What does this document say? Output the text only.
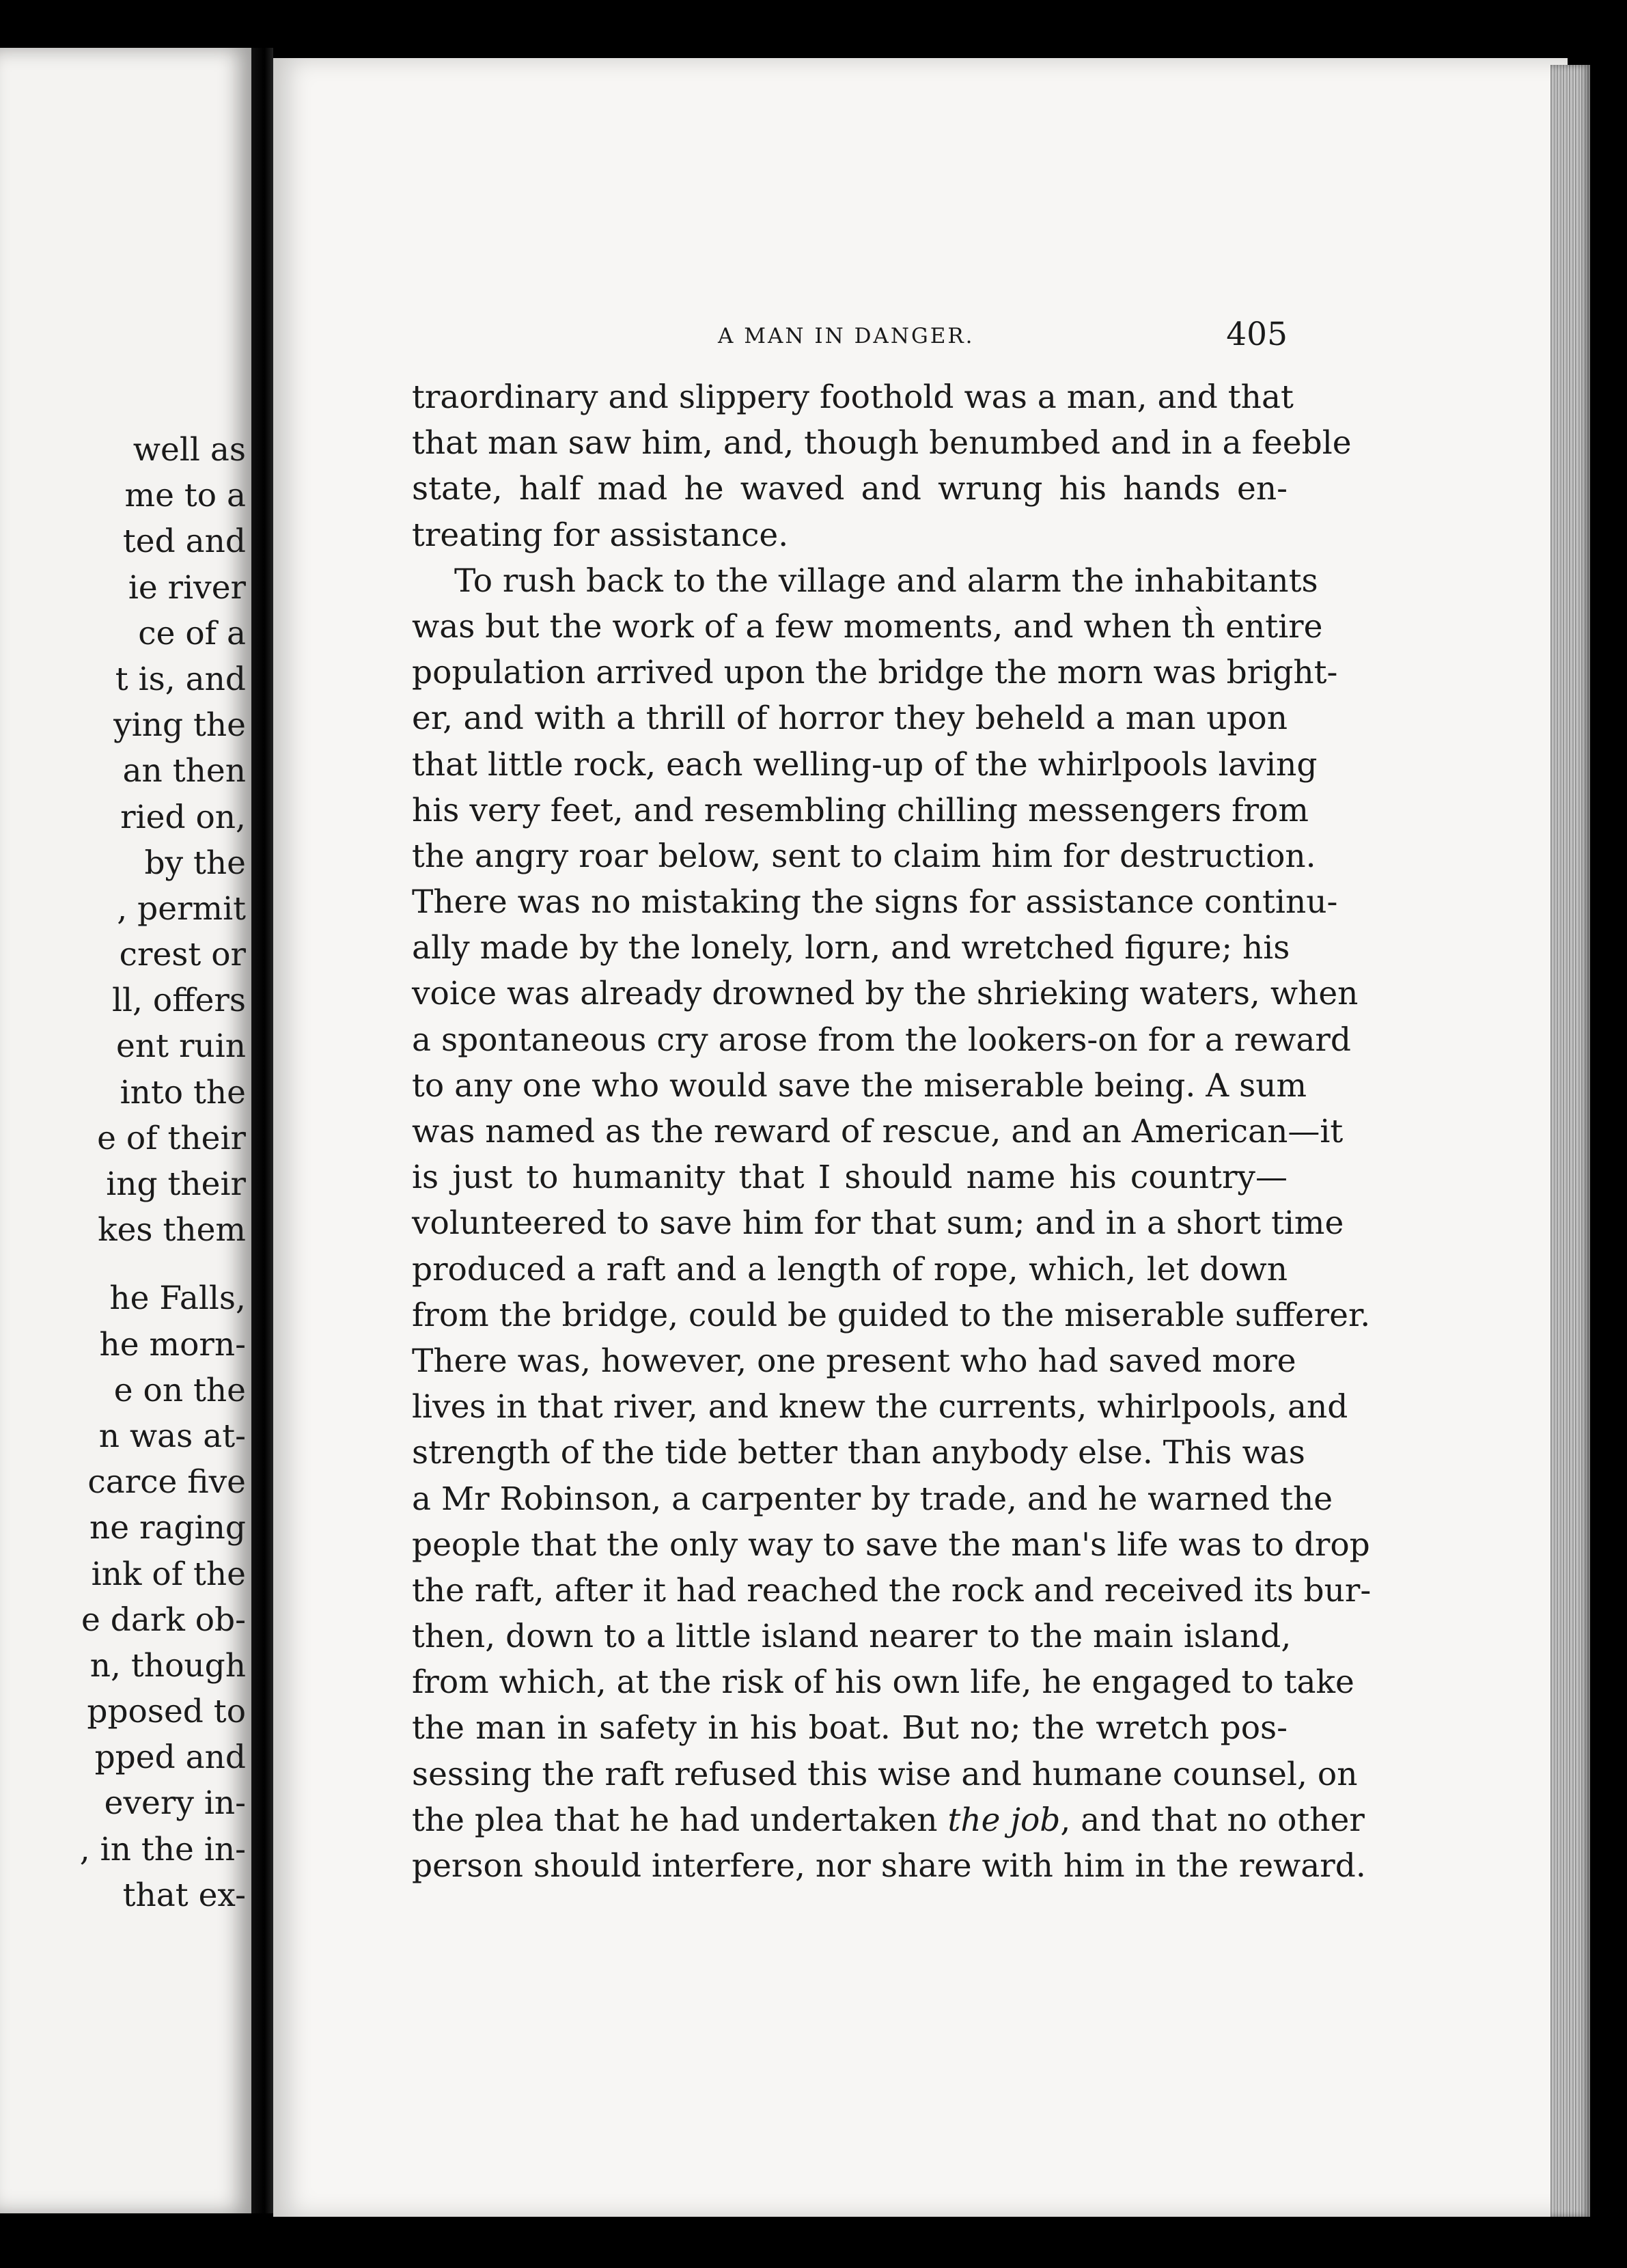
well as
me to a
ted and
ie river
ce of a
t is, and
ying the
an then
ried on,
by the
, permit
crest or
ll, offers
ent ruin
into the
e of their
ing their
kes them
he Falls,
he morn-
e on the
n was at-
carce five
ne raging
ink of the
e dark ob-
n, though
pposed to
pped and
every in-
, in the in-
that ex-
A MAN IN DANGER.	405
traordinary and slippery foothold was a man, and that
that man saw him, and, though benumbed and in a feeble
state, half mad he waved and wrung his hands en-
treating for assistance.
To rush back to the village and alarm the inhabitants
was but the work of a few moments, and when th̀ entire
population arrived upon the bridge the morn was bright-
er, and with a thrill of horror they beheld a man upon
that little rock, each welling-up of the whirlpools laving
his very feet, and resembling chilling messengers from
the angry roar below, sent to claim him for destruction.
There was no mistaking the signs for assistance continu-
ally made by the lonely, lorn, and wretched figure; his
voice was already drowned by the shrieking waters, when
a spontaneous cry arose from the lookers-on for a reward
to any one who would save the miserable being. A sum
was named as the reward of rescue, and an American—it
is just to humanity that I should name his country—
volunteered to save him for that sum; and in a short time
produced a raft and a length of rope, which, let down
from the bridge, could be guided to the miserable sufferer.
There was, however, one present who had saved more
lives in that river, and knew the currents, whirlpools, and
strength of the tide better than anybody else. This was
a Mr Robinson, a carpenter by trade, and he warned the
people that the only way to save the man's life was to drop
the raft, after it had reached the rock and received its bur-
then, down to a little island nearer to the main island,
from which, at the risk of his own life, he engaged to take
the man in safety in his boat. But no; the wretch pos-
sessing the raft refused this wise and humane counsel, on
the plea that he had undertaken the job, and that no other
person should interfere, nor share with him in the reward.
